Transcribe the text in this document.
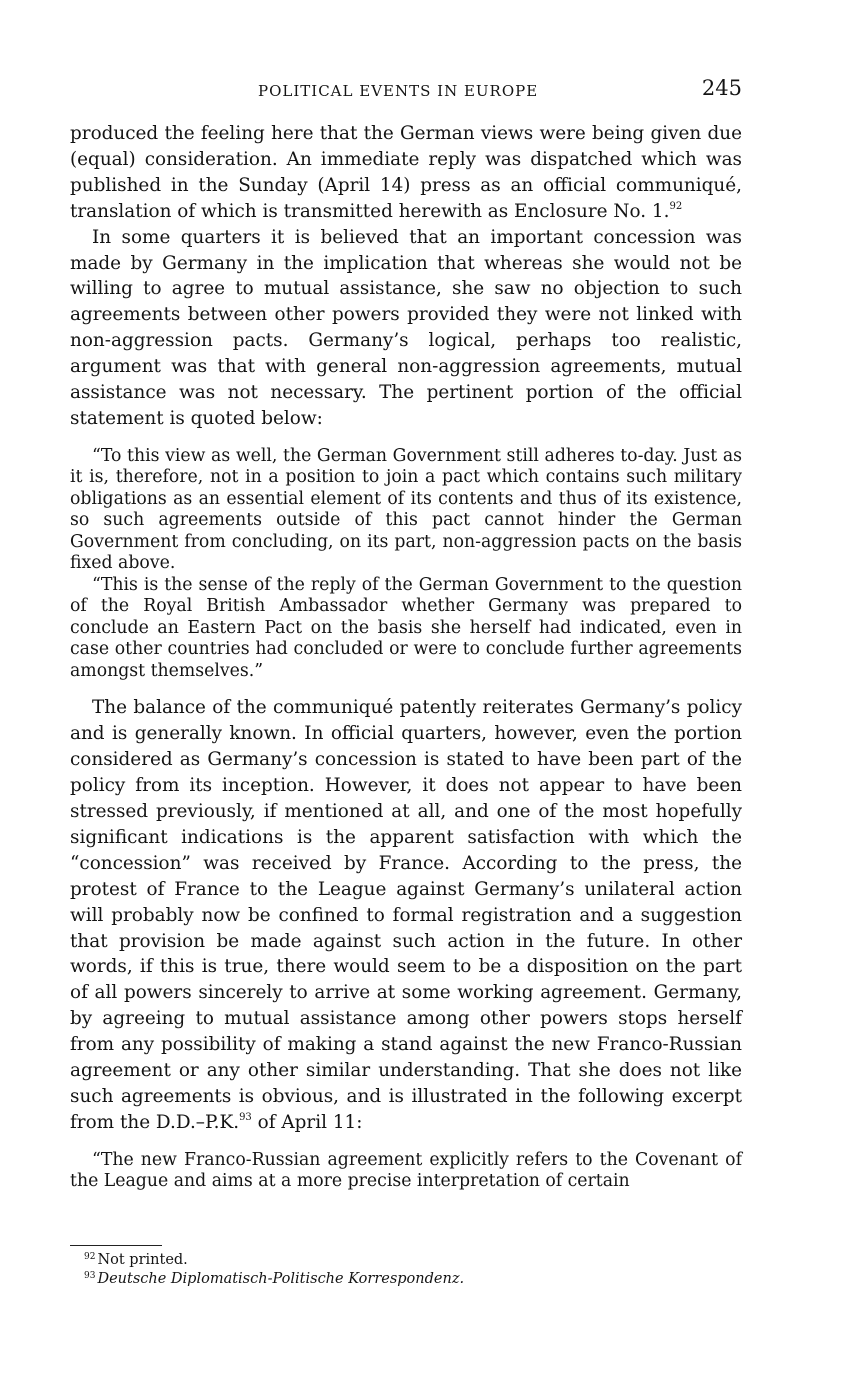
POLITICAL EVENTS IN EUROPE	245

produced the feeling here that the German views were being given due (equal) consideration. An immediate reply was dispatched which was published in the Sunday (April 14) press as an official communiqué, translation of which is transmitted herewith as Enclosure No. 1.92

In some quarters it is believed that an important concession was made by Germany in the implication that whereas she would not be willing to agree to mutual assistance, she saw no objection to such agreements between other powers provided they were not linked with non-aggression pacts. Germany’s logical, perhaps too realistic, argument was that with general non-aggression agreements, mutual assistance was not necessary. The pertinent portion of the official statement is quoted below:

“To this view as well, the German Government still adheres to-day. Just as it is, therefore, not in a position to join a pact which contains such military obligations as an essential element of its contents and thus of its existence, so such agreements outside of this pact cannot hinder the German Government from concluding, on its part, non-aggression pacts on the basis fixed above.

“This is the sense of the reply of the German Government to the question of the Royal British Ambassador whether Germany was prepared to conclude an Eastern Pact on the basis she herself had indicated, even in case other countries had concluded or were to conclude further agreements amongst themselves.”

The balance of the communiqué patently reiterates Germany’s policy and is generally known. In official quarters, however, even the portion considered as Germany’s concession is stated to have been part of the policy from its inception. However, it does not appear to have been stressed previously, if mentioned at all, and one of the most hopefully significant indications is the apparent satisfaction with which the “concession” was received by France. According to the press, the protest of France to the League against Germany’s unilateral action will probably now be confined to formal registration and a suggestion that provision be made against such action in the future. In other words, if this is true, there would seem to be a disposition on the part of all powers sincerely to arrive at some working agreement. Germany, by agreeing to mutual assistance among other powers stops herself from any possibility of making a stand against the new Franco-Russian agreement or any other similar understanding. That she does not like such agreements is obvious, and is illustrated in the following excerpt from the D.D.–P.K.$^{93}$ of April 11:

“The new Franco-Russian agreement explicitly refers to the Covenant of the League and aims at a more precise interpretation of certain

$^{92}$ Not printed.

$^{93}$ Deutsche Diplomatisch-Politische Korrespondenz.
